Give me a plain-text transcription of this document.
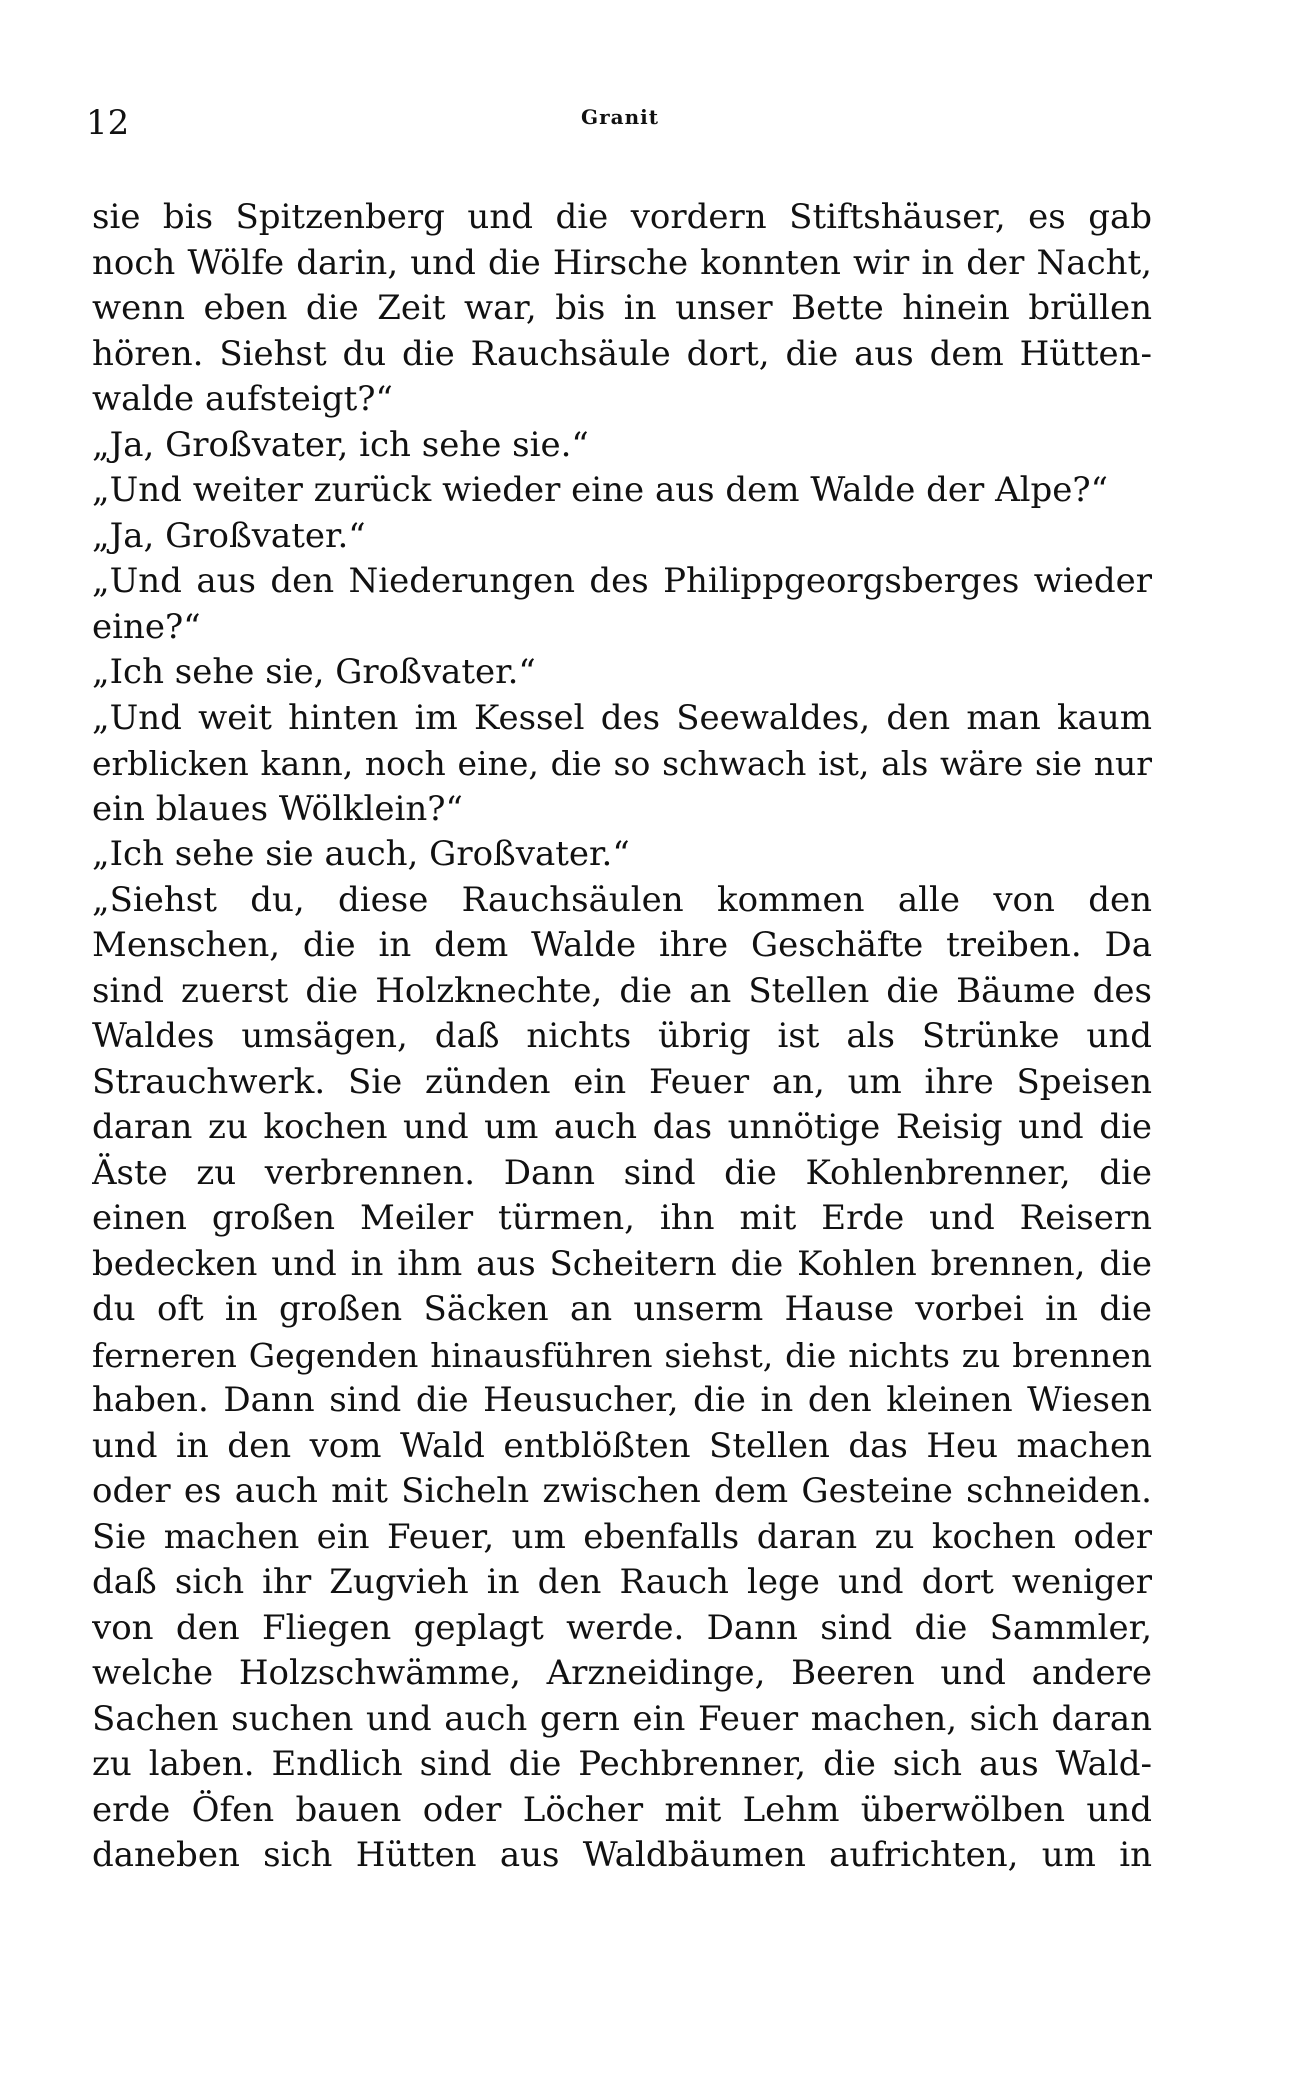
12	Granit
sie bis Spitzenberg und die vordern Stiftshäuser, es gab
noch Wölfe darin, und die Hirsche konnten wir in der Nacht,
wenn eben die Zeit war, bis in unser Bette hinein brüllen
hören. Siehst du die Rauchsäule dort, die aus dem Hütten-
walde aufsteigt?“
„Ja, Großvater, ich sehe sie.“
„Und weiter zurück wieder eine aus dem Walde der Alpe?“
„Ja, Großvater.“
„Und aus den Niederungen des Philippgeorgsberges wieder
eine?“
„Ich sehe sie, Großvater.“
„Und weit hinten im Kessel des Seewaldes, den man kaum
erblicken kann, noch eine, die so schwach ist, als wäre sie nur
ein blaues Wölklein?“
„Ich sehe sie auch, Großvater.“
„Siehst du, diese Rauchsäulen kommen alle von den
Menschen, die in dem Walde ihre Geschäfte treiben. Da
sind zuerst die Holzknechte, die an Stellen die Bäume des
Waldes umsägen, daß nichts übrig ist als Strünke und
Strauchwerk. Sie zünden ein Feuer an, um ihre Speisen
daran zu kochen und um auch das unnötige Reisig und die
Äste zu verbrennen. Dann sind die Kohlenbrenner, die
einen großen Meiler türmen, ihn mit Erde und Reisern
bedecken und in ihm aus Scheitern die Kohlen brennen, die
du oft in großen Säcken an unserm Hause vorbei in die
ferneren Gegenden hinausführen siehst, die nichts zu brennen
haben. Dann sind die Heusucher, die in den kleinen Wiesen
und in den vom Wald entblößten Stellen das Heu machen
oder es auch mit Sicheln zwischen dem Gesteine schneiden.
Sie machen ein Feuer, um ebenfalls daran zu kochen oder
daß sich ihr Zugvieh in den Rauch lege und dort weniger
von den Fliegen geplagt werde. Dann sind die Sammler,
welche Holzschwämme, Arzneidinge, Beeren und andere
Sachen suchen und auch gern ein Feuer machen, sich daran
zu laben. Endlich sind die Pechbrenner, die sich aus Wald-
erde Öfen bauen oder Löcher mit Lehm überwölben und
daneben sich Hütten aus Waldbäumen aufrichten, um in
